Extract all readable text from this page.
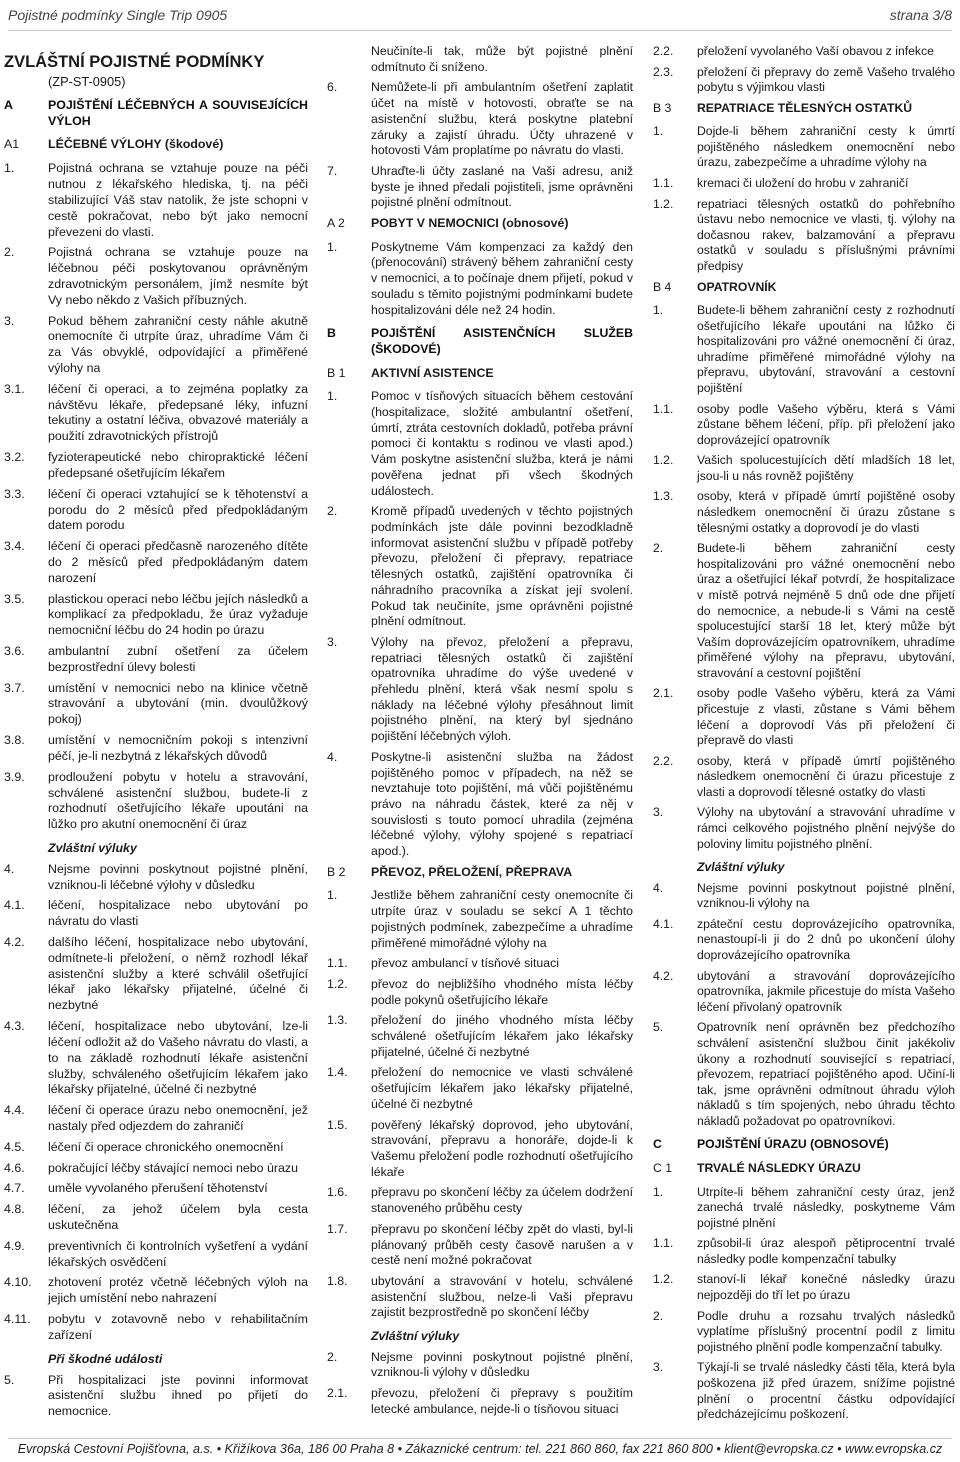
Pojistné podmínky Single Trip 0905	strana 3/8
ZVLÁŠTNÍ POJISTNÉ PODMÍNKY
(ZP-ST-0905)
A	POJIŠTĚNÍ LÉČEBNÝCH A SOUVISEJÍCÍCH VÝLOH
A1	LÉČEBNÉ VÝLOHY (škodové)
1.	Pojistná ochrana se vztahuje pouze na péči nutnou z lékařského hlediska, tj. na péči stabilizující Váš stav natolik, že jste schopni v cestě pokračovat, nebo být jako nemocní převezeni do vlasti.
2.	Pojistná ochrana se vztahuje pouze na léčebnou péči poskytovanou oprávněným zdravotnickým personálem, jímž nesmíte být Vy nebo někdo z Vašich příbuzných.
3.	Pokud během zahraniční cesty náhle akutně onemocníte či utrpíte úraz, uhradíme Vám či za Vás obvyklé, odpovídající a přiměřené výlohy na
3.1.	léčení či operaci, a to zejména poplatky za návštěvu lékaře, předepsané léky, infuzní tekutiny a ostatní léčiva, obvazové materiály a použití zdravotnických přístrojů
3.2.	fyzioterapeutické nebo chiropraktické léčení předepsané ošetřujícím lékařem
3.3.	léčení či operaci vztahující se k těhotenství a porodu do 2 měsíců před předpokládaným datem porodu
3.4.	léčení či operaci předčasně narozeného dítěte do 2 měsíců před předpokládaným datem narození
3.5.	plastickou operaci nebo léčbu jejích následků a komplikací za předpokladu, že úraz vyžaduje nemocniční léčbu do 24 hodin po úrazu
3.6.	ambulantní zubní ošetření za účelem bezprostřední úlevy bolesti
3.7.	umístění v nemocnici nebo na klinice včetně stravování a ubytování (min. dvoulůžkový pokoj)
3.8.	umístění v nemocničním pokoji s intenzivní péčí, je-li nezbytná z lékařských důvodů
3.9.	prodloužení pobytu v hotelu a stravování, schválené asistenční službou, budete-li z rozhodnutí ošetřujícího lékaře upoutáni na lůžko pro akutní onemocnění či úraz
Zvláštní výluky
4.	Nejsme povinni poskytnout pojistné plnění, vzniknou-li léčebné výlohy v důsledku
4.1.	léčení, hospitalizace nebo ubytování po návratu do vlasti
4.2.	dalšího léčení, hospitalizace nebo ubytování, odmítnete-li přeložení, o němž rozhodl lékař asistenční služby a které schválil ošetřující lékař jako lékařsky přijatelné, účelné či nezbytné
4.3.	léčení, hospitalizace nebo ubytování, lze-li léčení odložit až do Vašeho návratu do vlasti, a to na základě rozhodnutí lékaře asistenční služby, schváleného ošetřujícím lékařem jako lékařsky přijatelné, účelné či nezbytné
4.4.	léčení či operace úrazu nebo onemocnění, jež nastaly před odjezdem do zahraničí
4.5.	léčení či operace chronického onemocnění
4.6.	pokračující léčby stávající nemoci nebo úrazu
4.7.	uměle vyvolaného přerušení těhotenství
4.8.	léčení, za jehož účelem byla cesta uskutečněna
4.9.	preventivních či kontrolních vyšetření a vydání lékařských osvědčení
4.10.	zhotovení protéz včetně léčebných výloh na jejich umístění nebo nahrazení
4.11.	pobytu v zotavovně nebo v rehabilitačním zařízení
Při škodné události
5.	Při hospitalizaci jste povinni informovat asistenční službu ihned po přijetí do nemocnice.
Neučiníte-li tak, může být pojistné plnění odmítnuto či sníženo.
6.	Nemůžete-li při ambulantním ošetření zaplatit účet na místě v hotovosti, obraťte se na asistenční službu, která poskytne platební záruky a zajistí úhradu. Účty uhrazené v hotovosti Vám proplatíme po návratu do vlasti.
7.	Uhraďte-li účty zaslané na Vaši adresu, aniž byste je ihned předali pojistiteli, jsme oprávněni pojistné plnění odmítnout.
A 2	POBYT V NEMOCNICI (obnosové)
1.	Poskytneme Vám kompenzaci za každý den (přenocování) strávený během zahraniční cesty v nemocnici, a to počínaje dnem přijetí, pokud v souladu s těmito pojistnými podmínkami budete hospitalizováni déle než 24 hodin.
B	POJIŠTĚNÍ ASISTENČNÍCH SLUŽEB (ŠKODOVÉ)
B 1	AKTIVNÍ ASISTENCE
1.	Pomoc v tísňových situacích během cestování (hospitalizace, složité ambulantní ošetření, úmrtí, ztráta cestovních dokladů, potřeba právní pomoci či kontaktu s rodinou ve vlasti apod.) Vám poskytne asistenční služba, která je námi pověřena jednat při všech škodných událostech.
2.	Kromě případů uvedených v těchto pojistných podmínkách jste dále povinni bezodkladně informovat asistenční službu v případě potřeby převozu, přeložení či přepravy, repatriace tělesných ostatků, zajištění opatrovníka či náhradního pracovníka a získat její svolení. Pokud tak neučiníte, jsme oprávněni pojistné plnění odmítnout.
3.	Výlohy na převoz, přeložení a přepravu, repatriaci tělesných ostatků či zajištění opatrovníka uhradíme do výše uvedené v přehledu plnění, která však nesmí spolu s náklady na léčebné výlohy přesáhnout limit pojistného plnění, na který byl sjednáno pojištění léčebných výloh.
4.	Poskytne-li asistenční služba na žádost pojištěného pomoc v případech, na něž se nevztahuje toto pojištění, má vůči pojištěnému právo na náhradu částek, které za něj v souvislosti s touto pomocí uhradila (zejména léčebné výlohy, výlohy spojené s repatriací apod.).
B 2	PŘEVOZ, PŘELOŽENÍ, PŘEPRAVA
1.	Jestliže během zahraniční cesty onemocníte či utrpíte úraz v souladu se sekcí A 1 těchto pojistných podmínek, zabezpečíme a uhradíme přiměřené mimořádné výlohy na
1.1.	převoz ambulancí v tísňové situaci
1.2.	převoz do nejbližšího vhodného místa léčby podle pokynů ošetřujícího lékaře
1.3.	přeložení do jiného vhodného místa léčby schválené ošetřujícím lékařem jako lékařsky přijatelné, účelné či nezbytné
1.4.	přeložení do nemocnice ve vlasti schválené ošetřujícím lékařem jako lékařsky přijatelné, účelné či nezbytné
1.5.	pověřený lékařský doprovod, jeho ubytování, stravování, přepravu a honoráře, dojde-li k Vašemu přeložení podle rozhodnutí ošetřujícího lékaře
1.6.	přepravu po skončení léčby za účelem dodržení stanoveného průběhu cesty
1.7.	přepravu po skončení léčby zpět do vlasti, byl-li plánovaný průběh cesty časově narušen a v cestě není možné pokračovat
1.8.	ubytování a stravování v hotelu, schválené asistenční službou, nelze-li Vaši přepravu zajistit bezprostředně po skončení léčby
Zvláštní výluky
2.	Nejsme povinni poskytnout pojistné plnění, vzniknou-li výlohy v důsledku
2.1.	převozu, přeložení či přepravy s použitím letecké ambulance, nejde-li o tísňovou situaci
2.2.	přeložení vyvolaného Vaší obavou z infekce
2.3.	přeložení či přepravy do země Vašeho trvalého pobytu s výjimkou vlasti
B 3	REPATRIACE TĚLESNÝCH OSTATKŮ
1.	Dojde-li během zahraniční cesty k úmrtí pojištěného následkem onemocnění nebo úrazu, zabezpečíme a uhradíme výlohy na
1.1.	kremaci či uložení do hrobu v zahraničí
1.2.	repatriaci tělesných ostatků do pohřebního ústavu nebo nemocnice ve vlasti, tj. výlohy na dočasnou rakev, balzamování a přepravu ostatků v souladu s příslušnými právními předpisy
B 4	OPATROVNÍK
1.	Budete-li během zahraniční cesty z rozhodnutí ošetřujícího lékaře upoutáni na lůžko či hospitalizováni pro vážné onemocnění či úraz, uhradíme přiměřené mimořádné výlohy na přepravu, ubytování, stravování a cestovní pojištění
1.1.	osoby podle Vašeho výběru, která s Vámi zůstane během léčení, příp. při přeložení jako doprovázející opatrovník
1.2.	Vašich spolucestujících dětí mladších 18 let, jsou-li u nás rovněž pojištěny
1.3.	osoby, která v případě úmrtí pojištěné osoby následkem onemocnění či úrazu zůstane s tělesnými ostatky a doprovodí je do vlasti
2.	Budete-li během zahraniční cesty hospitalizováni pro vážné onemocnění nebo úraz a ošetřující lékař potvrdí, že hospitalizace v místě potrvá nejméně 5 dnů ode dne přijetí do nemocnice, a nebude-li s Vámi na cestě spolucestující starší 18 let, který může být Vaším doprovázejícím opatrovníkem, uhradíme přiměřené výlohy na přepravu, ubytování, stravování a cestovní pojištění
2.1.	osoby podle Vašeho výběru, která za Vámi přicestuje z vlasti, zůstane s Vámi během léčení a doprovodí Vás při přeložení či přepravě do vlasti
2.2.	osoby, která v případě úmrtí pojištěného následkem onemocnění či úrazu přicestuje z vlasti a doprovodí tělesné ostatky do vlasti
3.	Výlohy na ubytování a stravování uhradíme v rámci celkového pojistného plnění nejvýše do poloviny limitu pojistného plnění.
Zvláštní výluky
4.	Nejsme povinni poskytnout pojistné plnění, vzniknou-li výlohy na
4.1.	zpáteční cestu doprovázejícího opatrovníka, nenastoupí-li ji do 2 dnů po ukončení úlohy doprovázejícího opatrovníka
4.2.	ubytování a stravování doprovázejícího opatrovníka, jakmile přicestuje do místa Vašeho léčení přivolaný opatrovník
5.	Opatrovník není oprávněn bez předchozího schválení asistenční službou činit jakékoliv úkony a rozhodnutí související s repatriací, převozem, repatriací pojištěného apod. Učiní-li tak, jsme oprávněni odmítnout úhradu výloh nákladů s tím spojených, nebo úhradu těchto nákladů požadovat po opatrovníkovi.
C	POJIŠTĚNÍ ÚRAZU (OBNOSOVÉ)
C 1	TRVALÉ NÁSLEDKY ÚRAZU
1.	Utrpíte-li během zahraniční cesty úraz, jenž zanechá trvalé následky, poskytneme Vám pojistné plnění
1.1.	způsobil-li úraz alespoň pětiprocentní trvalé následky podle kompenzační tabulky
1.2.	stanoví-li lékař konečné následky úrazu nejpozději do tří let po úrazu
2.	Podle druhu a rozsahu trvalých následků vyplatíme příslušný procentní podíl z limitu pojistného plnění podle kompenzační tabulky.
3.	Týkají-li se trvalé následky části těla, která byla poškozena již před úrazem, snížíme pojistné plnění o procentní částku odpovídající předcházejícímu poškození.
Evropská Cestovní Pojišťovna, a.s. • Křižíkova 36a, 186 00 Praha 8 • Zákaznické centrum: tel. 221 860 860, fax 221 860 800 • klient@evropska.cz • www.evropska.cz
